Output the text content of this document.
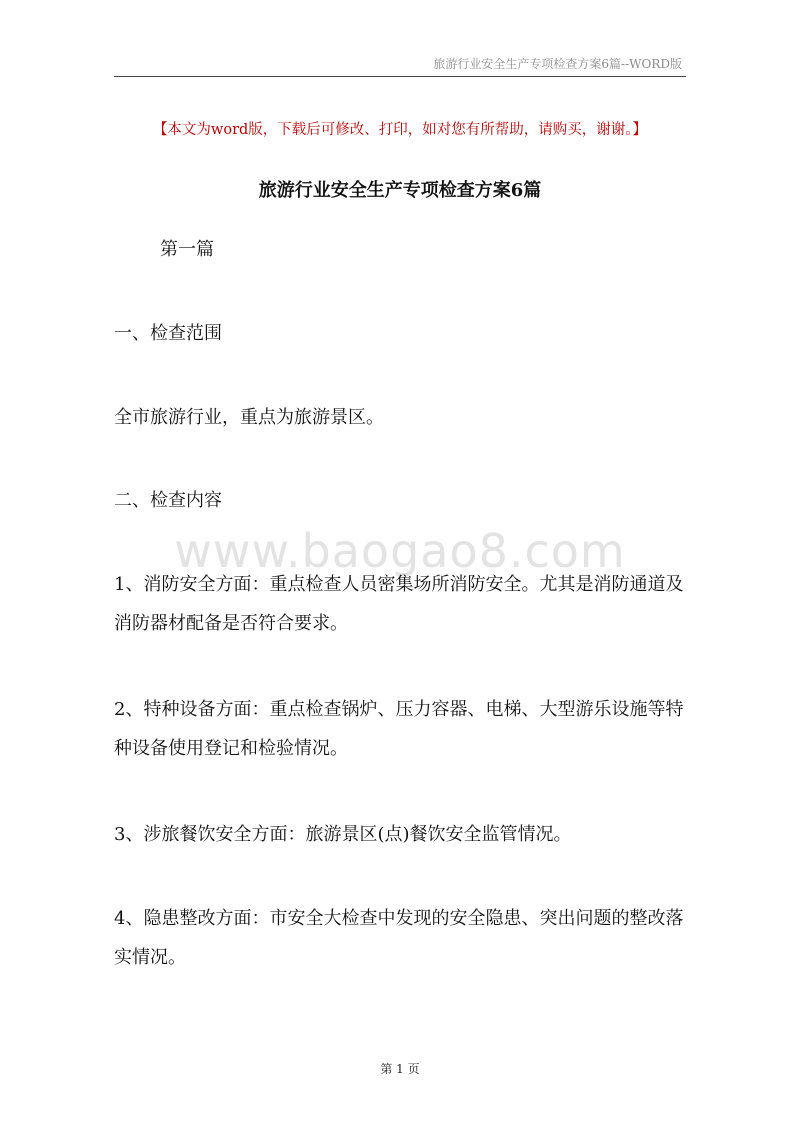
旅游行业安全生产专项检查方案6篇--WORD版
【本文为word版，下载后可修改、打印，如对您有所帮助，请购买，谢谢。】
旅游行业安全生产专项检查方案6篇

第一篇

一、检查范围

全市旅游行业，重点为旅游景区。

二、检查内容

www.baogao8.com

1、消防安全方面：重点检查人员密集场所消防安全。尤其是消防通道及消防器材配备是否符合要求。

2、特种设备方面：重点检查锅炉、压力容器、电梯、大型游乐设施等特种设备使用登记和检验情况。

3、涉旅餐饮安全方面：旅游景区(点)餐饮安全监管情况。

4、隐患整改方面：市安全大检查中发现的安全隐患、突出问题的整改落实情况。

第 1 页
